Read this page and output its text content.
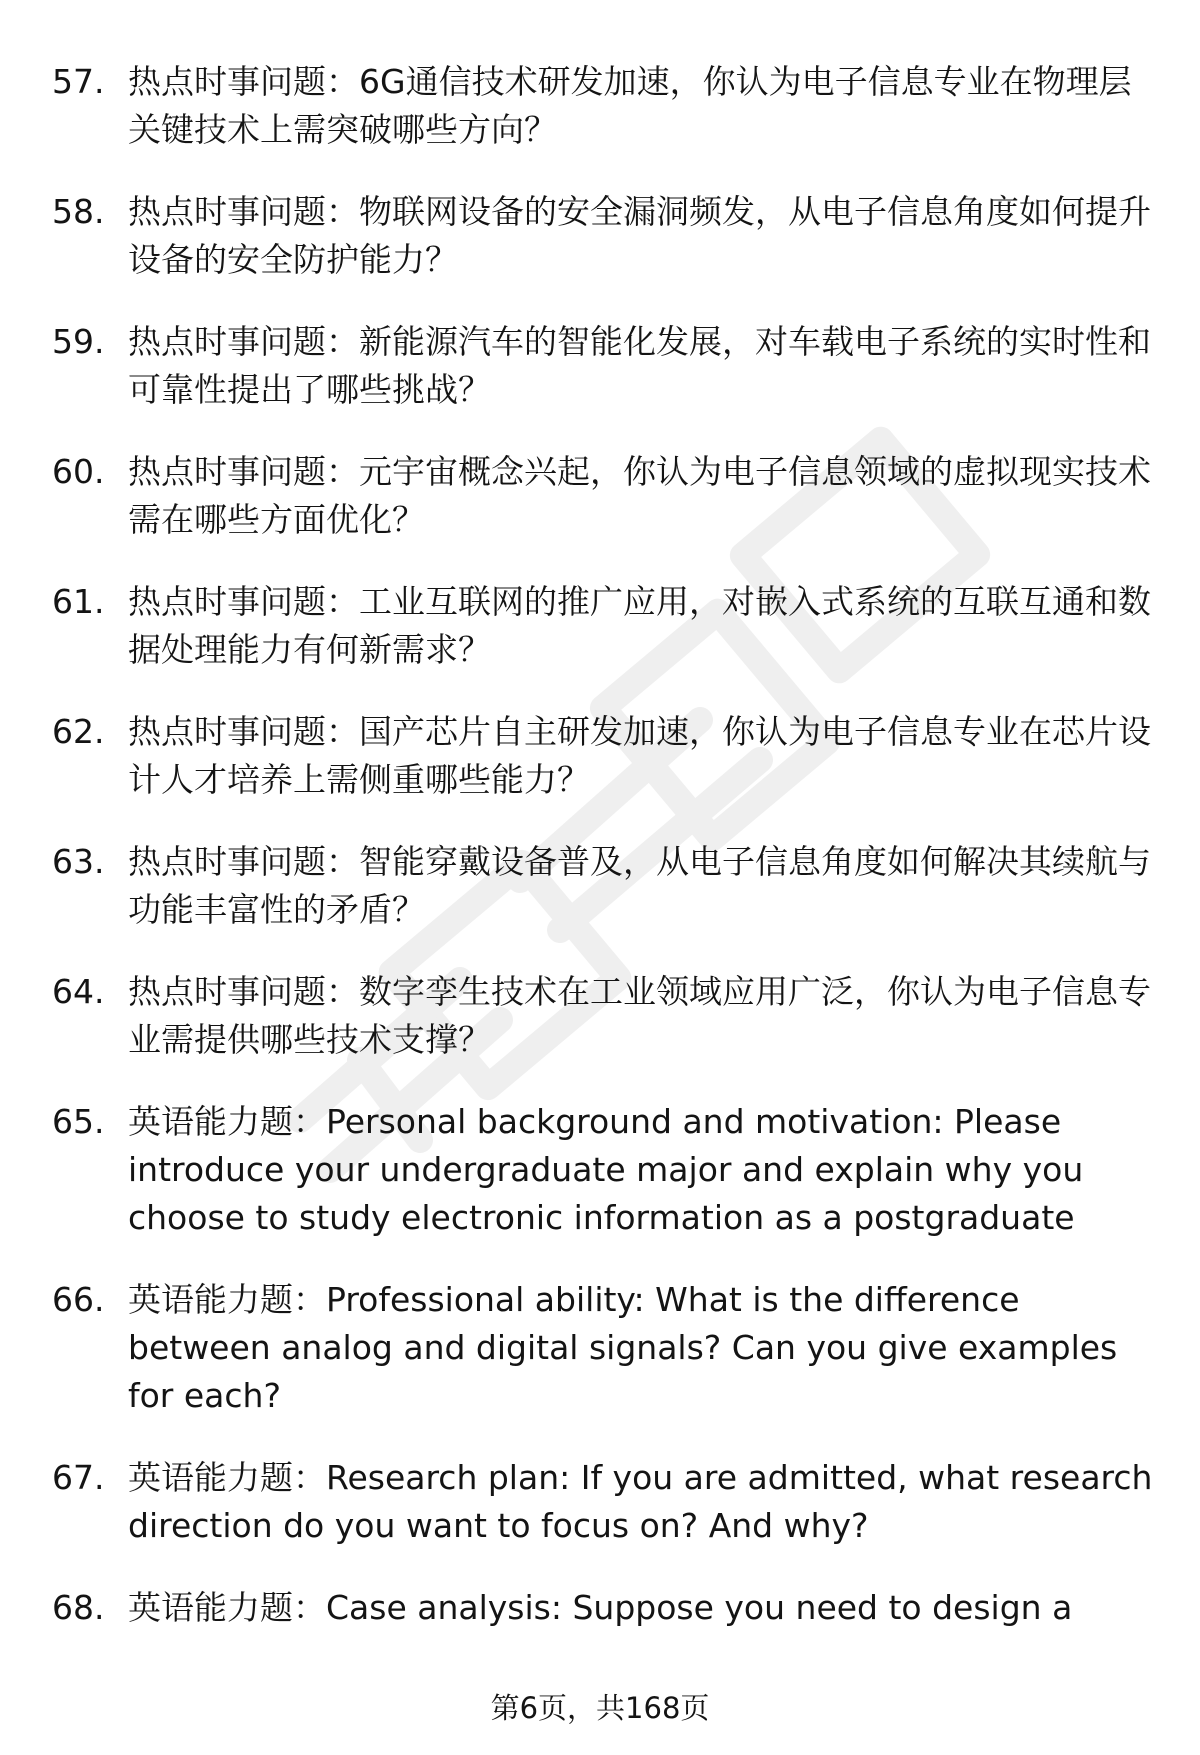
57. 热点时事问题：6G通信技术研发加速，你认为电子信息专业在物理层关键技术上需突破哪些方向？
58. 热点时事问题：物联网设备的安全漏洞频发，从电子信息角度如何提升设备的安全防护能力？
59. 热点时事问题：新能源汽车的智能化发展，对车载电子系统的实时性和可靠性提出了哪些挑战？
60. 热点时事问题：元宇宙概念兴起，你认为电子信息领域的虚拟现实技术需在哪些方面优化？
61. 热点时事问题：工业互联网的推广应用，对嵌入式系统的互联互通和数据处理能力有何新需求？
62. 热点时事问题：国产芯片自主研发加速，你认为电子信息专业在芯片设计人才培养上需侧重哪些能力？
63. 热点时事问题：智能穿戴设备普及，从电子信息角度如何解决其续航与功能丰富性的矛盾？
64. 热点时事问题：数字孪生技术在工业领域应用广泛，你认为电子信息专业需提供哪些技术支撑？
65. 英语能力题：Personal background and motivation: Please introduce your undergraduate major and explain why you choose to study electronic information as a postgraduate
66. 英语能力题：Professional ability: What is the difference between analog and digital signals? Can you give examples for each?
67. 英语能力题：Research plan: If you are admitted, what research direction do you want to focus on? And why?
68. 英语能力题：Case analysis: Suppose you need to design a
第6页，共168页
